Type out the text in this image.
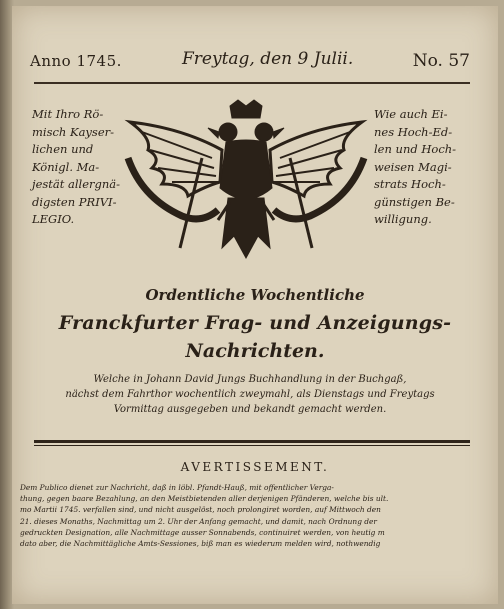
Anno 1745.	Freytag, den 9 Julii.	No. 57
Mit Ihro Rö-
misch Kayser-
lichen und
Königl. Ma-
jestät allergnä-
digsten PRIVI-
LEGIO.
Wie auch Ei-
nes Hoch-Ed-
len und Hoch-
weisen Magi-
strats Hoch-
günstigen Be-
willigung.
Ordentliche Wochentliche
Franckfurter Frag- und Anzeigungs-
Nachrichten.
Welche in Johann David Jungs Buchhandlung in der Buchgaß,
nächst dem Fahrthor wochentlich zweymahl, als Dienstags und Freytags
Vormittag ausgegeben und bekandt gemacht werden.
AVERTISSEMENT.
Dem Publico dienet zur Nachricht, daß in löbl. Pfandt-Hauß, mit offentlicher Verga-
thung, gegen baare Bezahlung, an den Meistbietenden aller derjenigen Pfänderen, welche bis ult.
mo Martii 1745. verfallen sind, und nicht ausgelöst, noch prolongiret worden, auf Mittwoch den
21. dieses Monaths, Nachmittag um 2. Uhr der Anfang gemacht, und damit, nach Ordnung der
gedruckten Designation, alle Nachmittage ausser Sonnabends, continuiret werden, von heutig m
dato aber, die Nachmittägliche Amts-Sessiones, biß man es wiederum melden wird, nothwendig
